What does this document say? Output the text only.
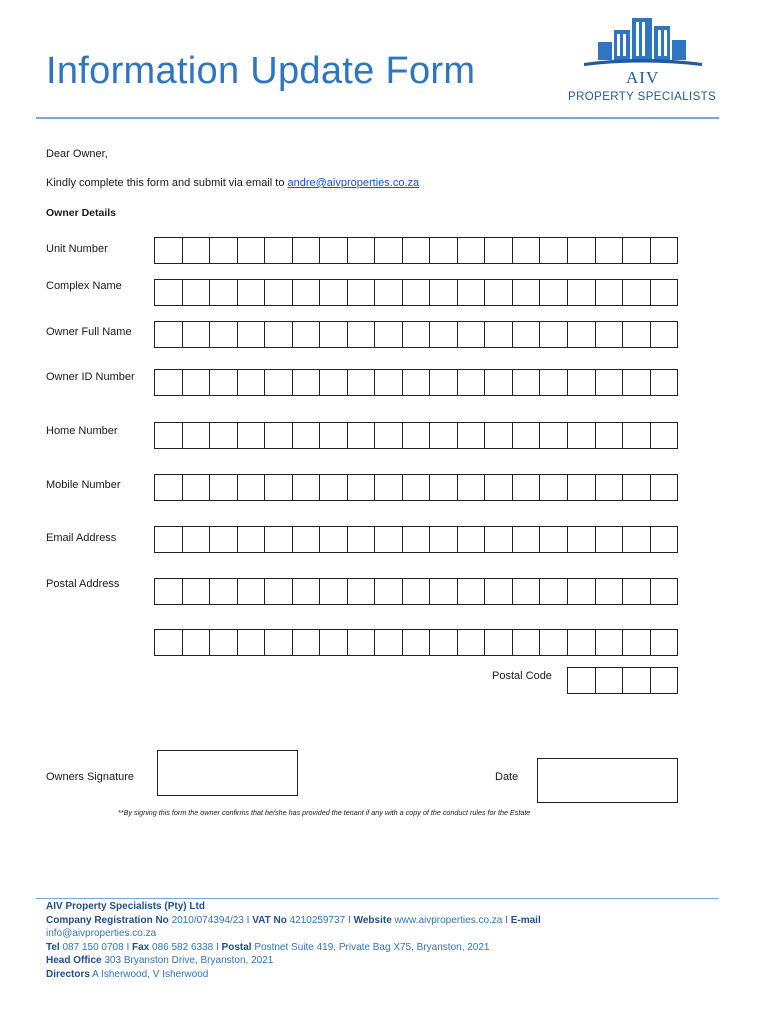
Information Update Form	AIV
PROPERTY SPECIALISTS
Dear Owner,
Kindly complete this form and submit via email to andre@aivproperties.co.za
Owner Details
Unit Number
Complex Name
Owner Full Name
Owner ID Number
Home Number
Mobile Number
Email Address
Postal Address
Postal Code
Owners Signature	Date
**By signing this form the owner confirms that he/she has provided the tenant if any with a copy of the conduct rules for the Estate
AIV Property Specialists (Pty) Ltd
Company Registration No 2010/074394/23 I VAT No 4210259737 I Website www.aivproperties.co.za I E-mail
info@aivproperties.co.za
Tel 087 150 0708 I Fax 086 582 6338 I Postal Postnet Suite 419, Private Bag X75, Bryanston, 2021
Head Office 303 Bryanston Drive, Bryanston, 2021
Directors A Isherwood, V Isherwood
